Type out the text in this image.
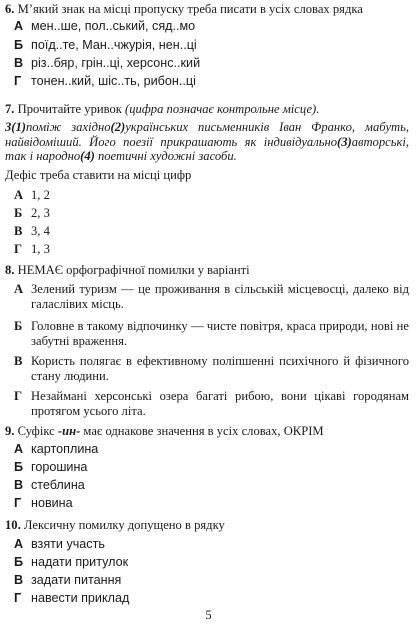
6. М’який знак на місці пропуску треба писати в усіх словах рядка
А мен..ше, пол..ський, сяд..мо
Б поїд..те, Ман..чжурія, нен..ці
В різ..бяр, грін..ці, херсонс..кий
Г тонен..кий, шіс..ть, рибон..ці
7. Прочитайте уривок (цифра позначає контрольне місце).
3(1)поміж західно(2)українських письменників Іван Франко, мабуть, найвідоміший. Його поезії прикрашають як індивідуально(3)авторські, так і народно(4) поетичні художні засоби.
Дефіс треба ставити на місці цифр
А 1, 2
Б 2, 3
В 3, 4
Г 1, 3
8. НЕМАЄ орфографічної помилки у варіанті
А Зелений туризм — це проживання в сільській місцевосці, далеко від галаслівих місць.
Б Головне в такому відпочинку — чисте повітря, краса природи, нові не забутні враження.
В Користь полягає в ефективному поліпшенні психічного й фізичного стану людини.
Г Незаймані херсонські озера багаті рибою, вони цікаві городянам протягом усього літа.
9. Суфікс -ин- має однакове значення в усіх словах, ОКРІМ
А картоплина
Б горошина
В стеблина
Г новина
10. Лексичну помилку допущено в рядку
А взяти участь
Б надати притулок
В задати питання
Г навести приклад
5
